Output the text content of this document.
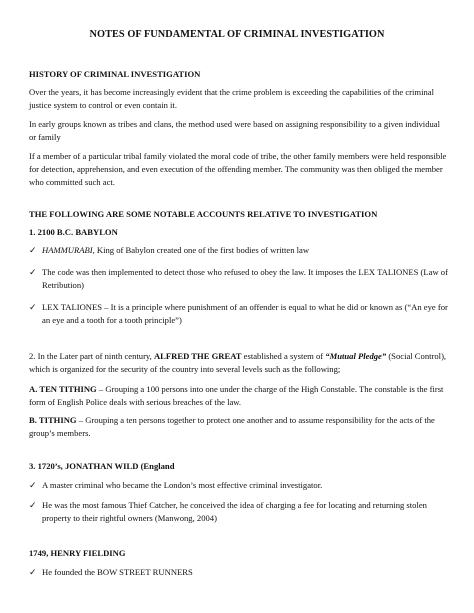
NOTES OF FUNDAMENTAL OF CRIMINAL INVESTIGATION
HISTORY OF CRIMINAL INVESTIGATION
Over the years, it has become increasingly evident that the crime problem is exceeding the capabilities of the criminal justice system to control or even contain it.
In early groups known as tribes and clans, the method used were based on assigning responsibility to a given individual or family
If a member of a particular tribal family violated the moral code of tribe, the other family members were held responsible for detection, apprehension, and even execution of the offending member. The community was then obliged the member who committed such act.
THE FOLLOWING ARE SOME NOTABLE ACCOUNTS RELATIVE TO INVESTIGATION
1. 2100 B.C. BABYLON
✓ HAMMURABI, King of Babylon created one of the first bodies of written law
✓ The code was then implemented to detect those who refused to obey the law. It imposes the LEX TALIONES (Law of Retribution)
✓ LEX TALIONES – It is a principle where punishment of an offender is equal to what he did or known as (“An eye for an eye and a tooth for a tooth principle”)
2. In the Later part of ninth century, ALFRED THE GREAT established a system of “Mutual Pledge” (Social Control), which is organized for the security of the country into several levels such as the following;
A. TEN TITHING – Grouping a 100 persons into one under the charge of the High Constable. The constable is the first form of English Police deals with serious breaches of the law.
B. TITHING – Grouping a ten persons together to protect one another and to assume responsibility for the acts of the group’s members.
3. 1720’s, JONATHAN WILD (England
✓ A master criminal who became the London’s most effective criminal investigator.
✓ He was the most famous Thief Catcher, he conceived the idea of charging a fee for locating and returning stolen property to their rightful owners (Manwong, 2004)
1749, HENRY FIELDING
✓ He founded the BOW STREET RUNNERS
